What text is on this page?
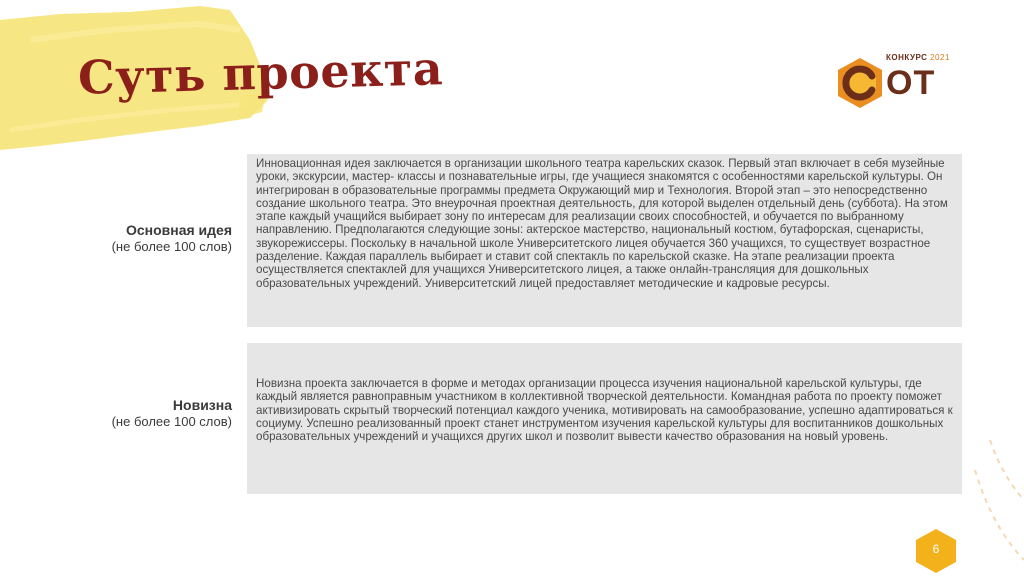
Суть проекта	КОНКУРС 2021
ОТ
Основная идея
(не более 100 слов)

Инновационная идея заключается в организации школьного театра карельских сказок. Первый этап включает в себя музейные уроки, экскурсии, мастер- классы и познавательные игры, где учащиеся знакомятся с особенностями карельской культуры. Он интегрирован в образовательные программы предмета Окружающий мир и Технология. Второй этап – это непосредственно создание школьного театра. Это внеурочная проектная деятельность, для которой выделен отдельный день (суббота). На этом этапе каждый учащийся выбирает зону по интересам для реализации своих способностей, и обучается по выбранному направлению. Предполагаются следующие зоны: актерское мастерство, национальный костюм, бутафорская, сценаристы, звукорежиссеры. Поскольку в начальной школе Университетского лицея обучается 360 учащихся, то существует возрастное разделение. Каждая параллель выбирает и ставит сой спектакль по карельской сказке. На этапе реализации проекта осуществляется спектаклей для учащихся Университетского лицея, а также онлайн-трансляция для дошкольных образовательных учреждений. Университетский лицей предоставляет методические и кадровые ресурсы.

Новизна
(не более 100 слов)

Новизна проекта заключается в форме и методах организации процесса изучения национальной карельской культуры, где каждый является равноправным участником в коллективной творческой деятельности. Командная работа по проекту поможет активизировать скрытый творческий потенциал каждого ученика, мотивировать на самообразование, успешно адаптироваться к социуму. Успешно реализованный проект станет инструментом изучения карельской культуры для воспитанников дошкольных образовательных учреждений и учащихся других школ и позволит вывести качество образования на новый уровень.

6
